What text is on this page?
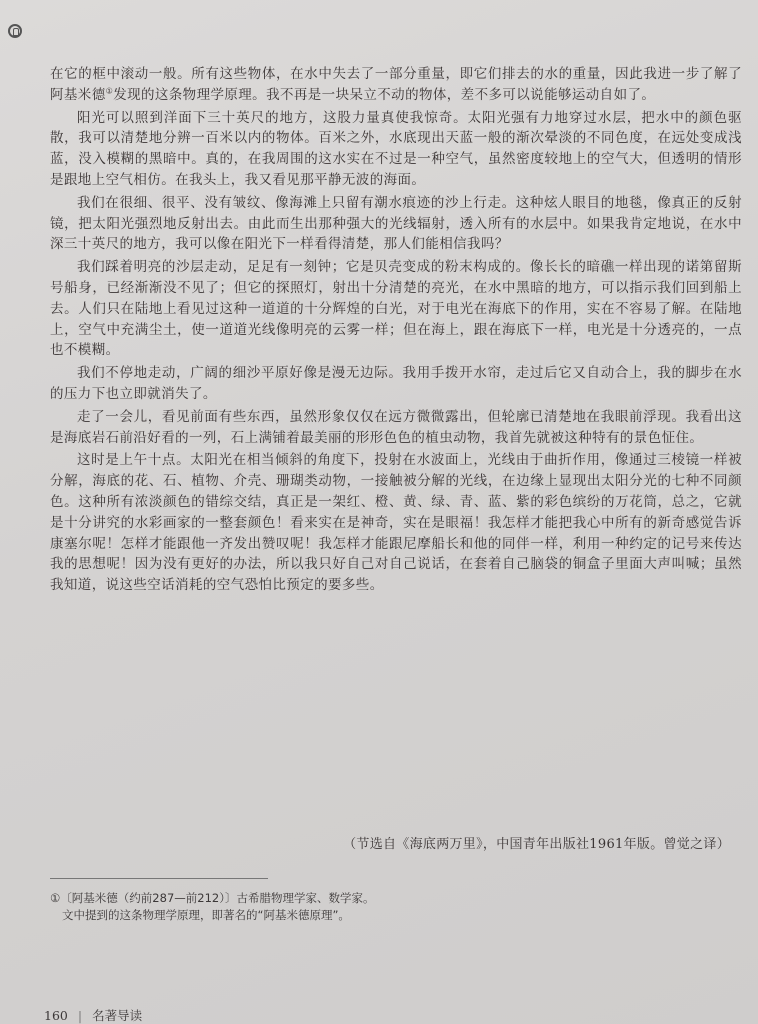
在它的框中滚动一般。所有这些物体，在水中失去了一部分重量，即它们排去的水的重量，因此我进一步了解了阿基米德①发现的这条物理学原理。我不再是一块呆立不动的物体，差不多可以说能够运动自如了。

阳光可以照到洋面下三十英尺的地方，这股力量真使我惊奇。太阳光强有力地穿过水层，把水中的颜色驱散，我可以清楚地分辨一百米以内的物体。百米之外，水底现出天蓝一般的渐次晕淡的不同色度，在远处变成浅蓝，没入模糊的黑暗中。真的，在我周围的这水实在不过是一种空气，虽然密度较地上的空气大，但透明的情形是跟地上空气相仿。在我头上，我又看见那平静无波的海面。

我们在很细、很平、没有皱纹、像海滩上只留有潮水痕迹的沙上行走。这种炫人眼目的地毯，像真正的反射镜，把太阳光强烈地反射出去。由此而生出那种强大的光线辐射，透入所有的水层中。如果我肯定地说，在水中深三十英尺的地方，我可以像在阳光下一样看得清楚，那人们能相信我吗？

我们踩着明亮的沙层走动，足足有一刻钟；它是贝壳变成的粉末构成的。像长长的暗礁一样出现的诺第留斯号船身，已经渐渐没不见了；但它的探照灯，射出十分清楚的亮光，在水中黑暗的地方，可以指示我们回到船上去。人们只在陆地上看见过这种一道道的十分辉煌的白光，对于电光在海底下的作用，实在不容易了解。在陆地上，空气中充满尘土，使一道道光线像明亮的云雾一样；但在海上，跟在海底下一样，电光是十分透亮的，一点也不模糊。

我们不停地走动，广阔的细沙平原好像是漫无边际。我用手拨开水帘，走过后它又自动合上，我的脚步在水的压力下也立即就消失了。

走了一会儿，看见前面有些东西，虽然形象仅仅在远方微微露出，但轮廓已清楚地在我眼前浮现。我看出这是海底岩石前沿好看的一列，石上满铺着最美丽的形形色色的植虫动物，我首先就被这种特有的景色怔住。

这时是上午十点。太阳光在相当倾斜的角度下，投射在水波面上，光线由于曲折作用，像通过三棱镜一样被分解，海底的花、石、植物、介壳、珊瑚类动物，一接触被分解的光线，在边缘上显现出太阳分光的七种不同颜色。这种所有浓淡颜色的错综交结，真正是一架红、橙、黄、绿、青、蓝、紫的彩色缤纷的万花筒，总之，它就是十分讲究的水彩画家的一整套颜色！看来实在是神奇，实在是眼福！我怎样才能把我心中所有的新奇感觉告诉康塞尔呢！怎样才能跟他一齐发出赞叹呢！我怎样才能跟尼摩船长和他的同伴一样，利用一种约定的记号来传达我的思想呢！因为没有更好的办法，所以我只好自己对自己说话，在套着自己脑袋的铜盒子里面大声叫喊；虽然我知道，说这些空话消耗的空气恐怕比预定的要多些。

（节选自《海底两万里》，中国青年出版社1961年版。曾觉之译）
①〔阿基米德（约前287—前212）〕古希腊物理学家、数学家。文中提到的这条物理学原理，即著名的“阿基米德原理”。
160 | 名著导读
